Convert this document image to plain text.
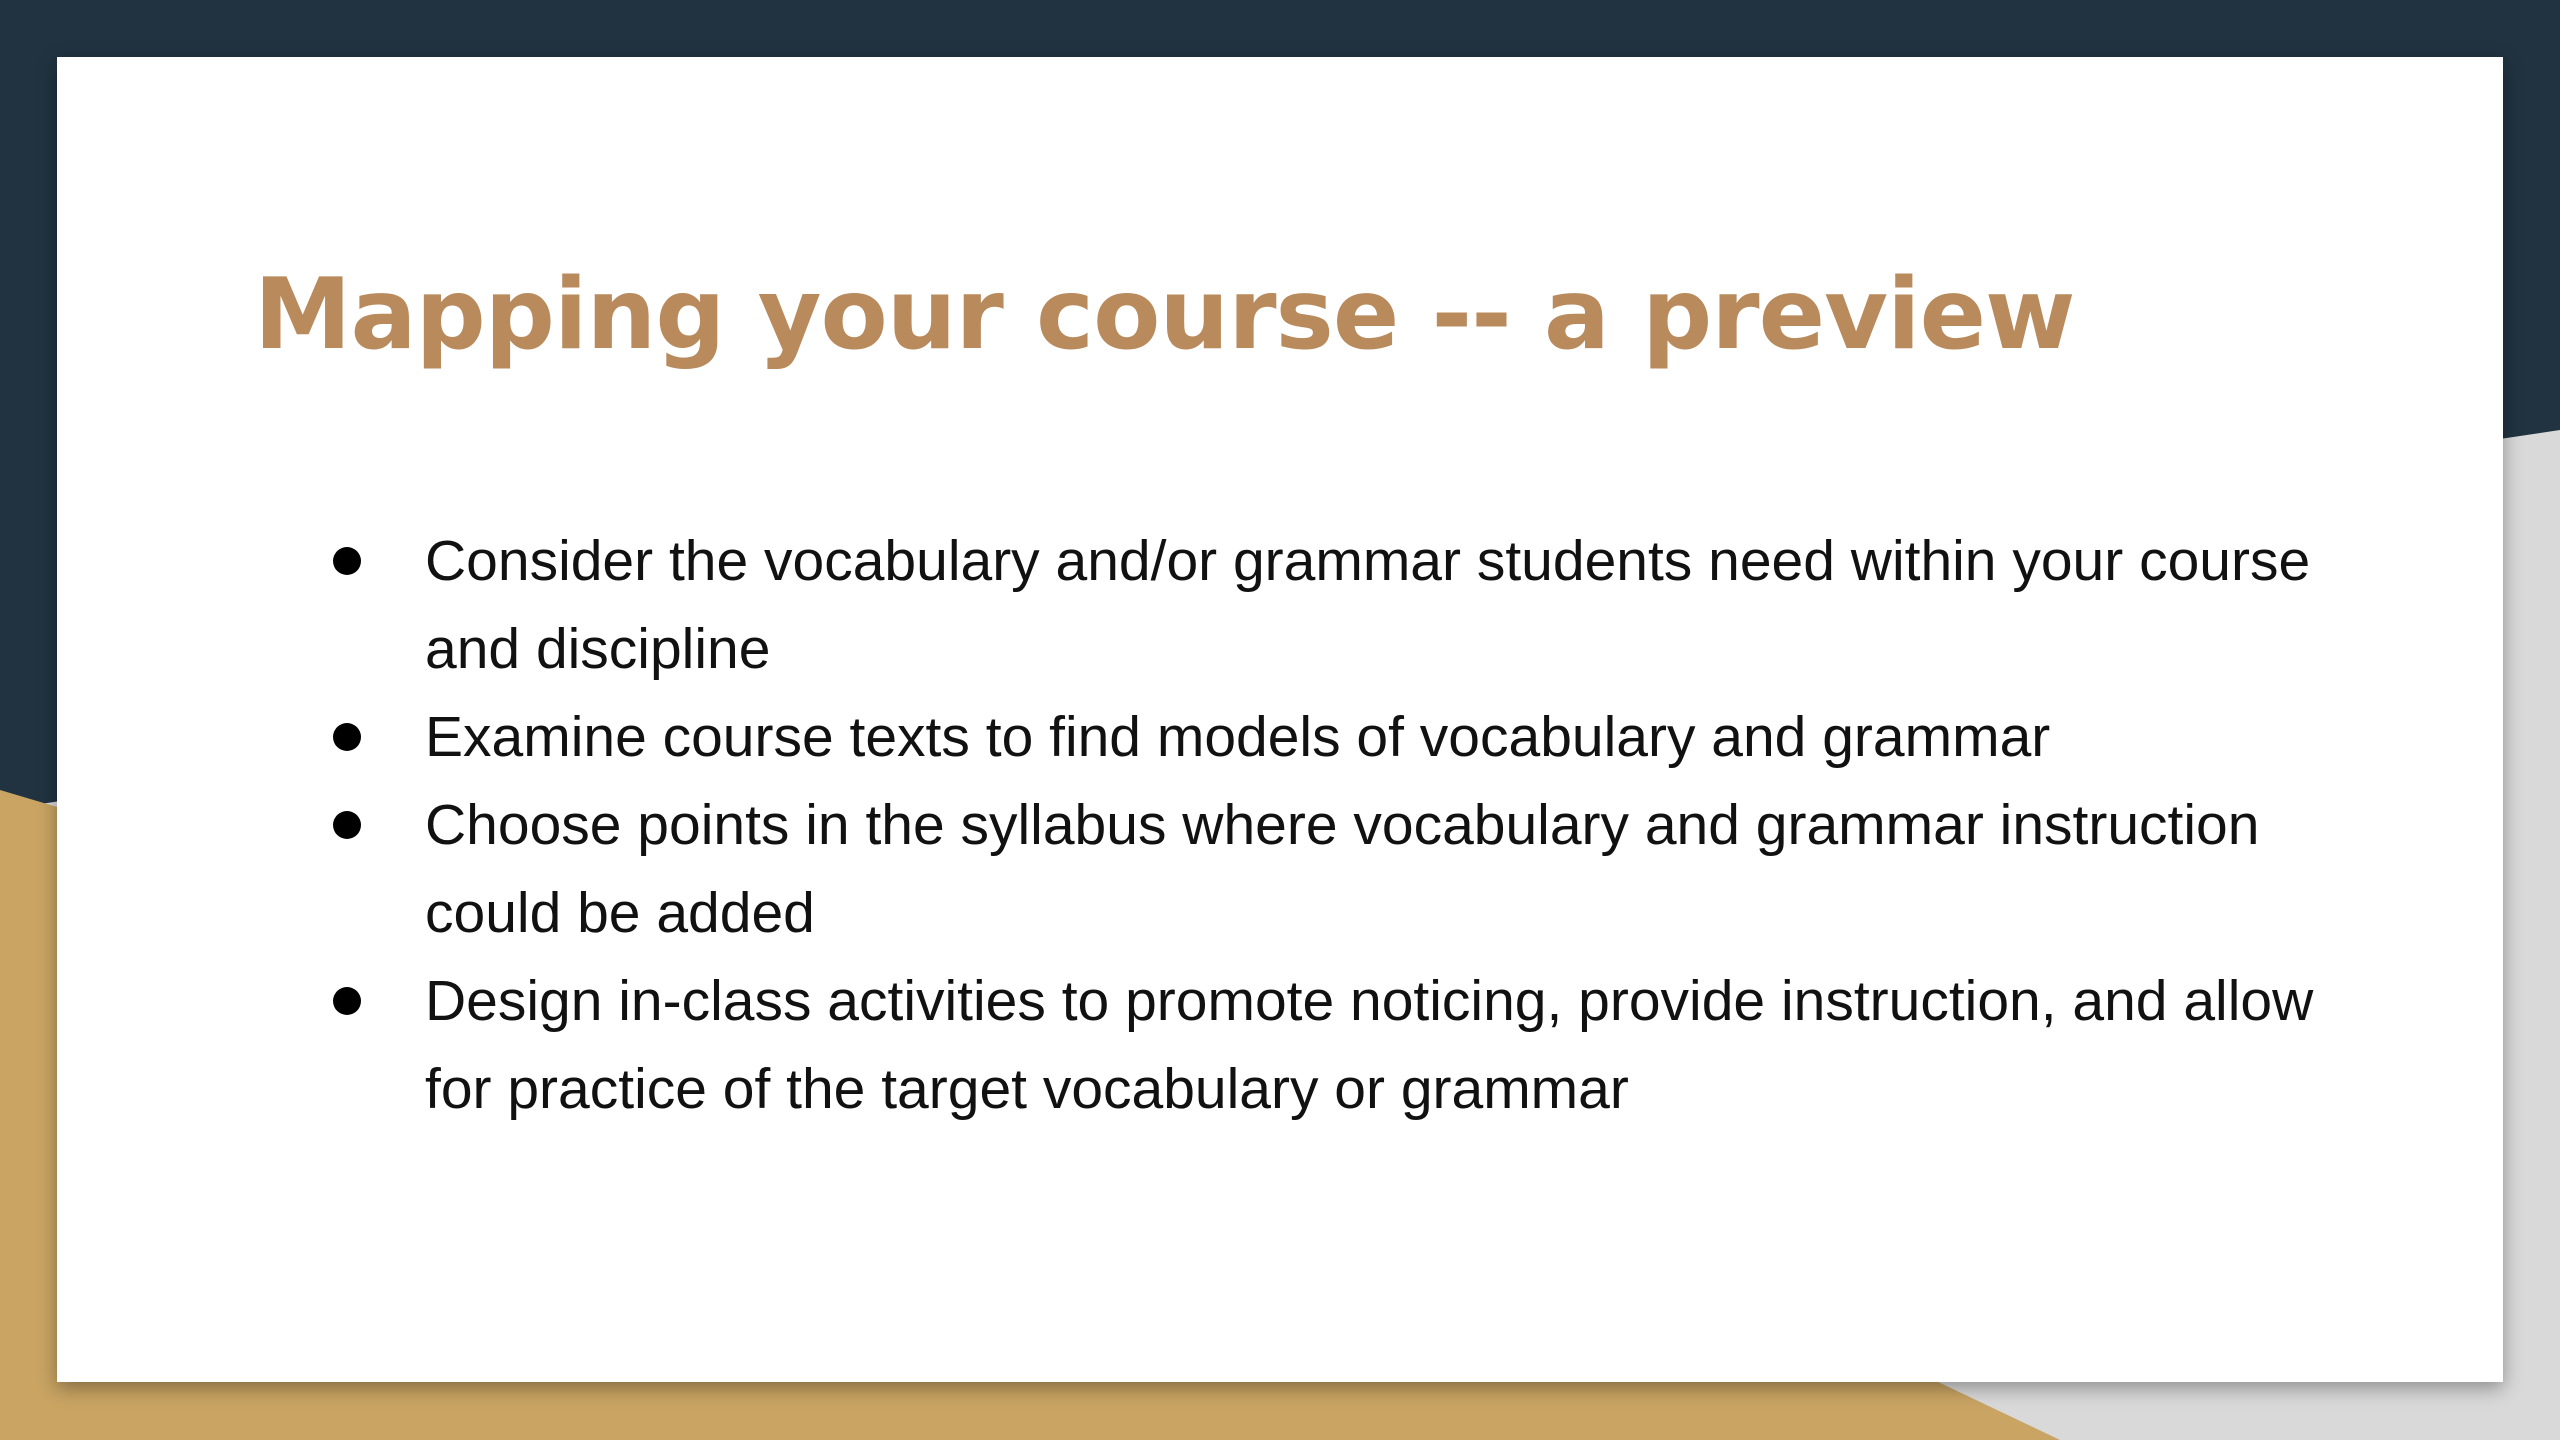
Mapping your course -- a preview
Consider the vocabulary and/or grammar students need within your course and discipline
Examine course texts to find models of vocabulary and grammar
Choose points in the syllabus where vocabulary and grammar instruction could be added
Design in-class activities to promote noticing, provide instruction, and allow for practice of the target vocabulary or grammar
